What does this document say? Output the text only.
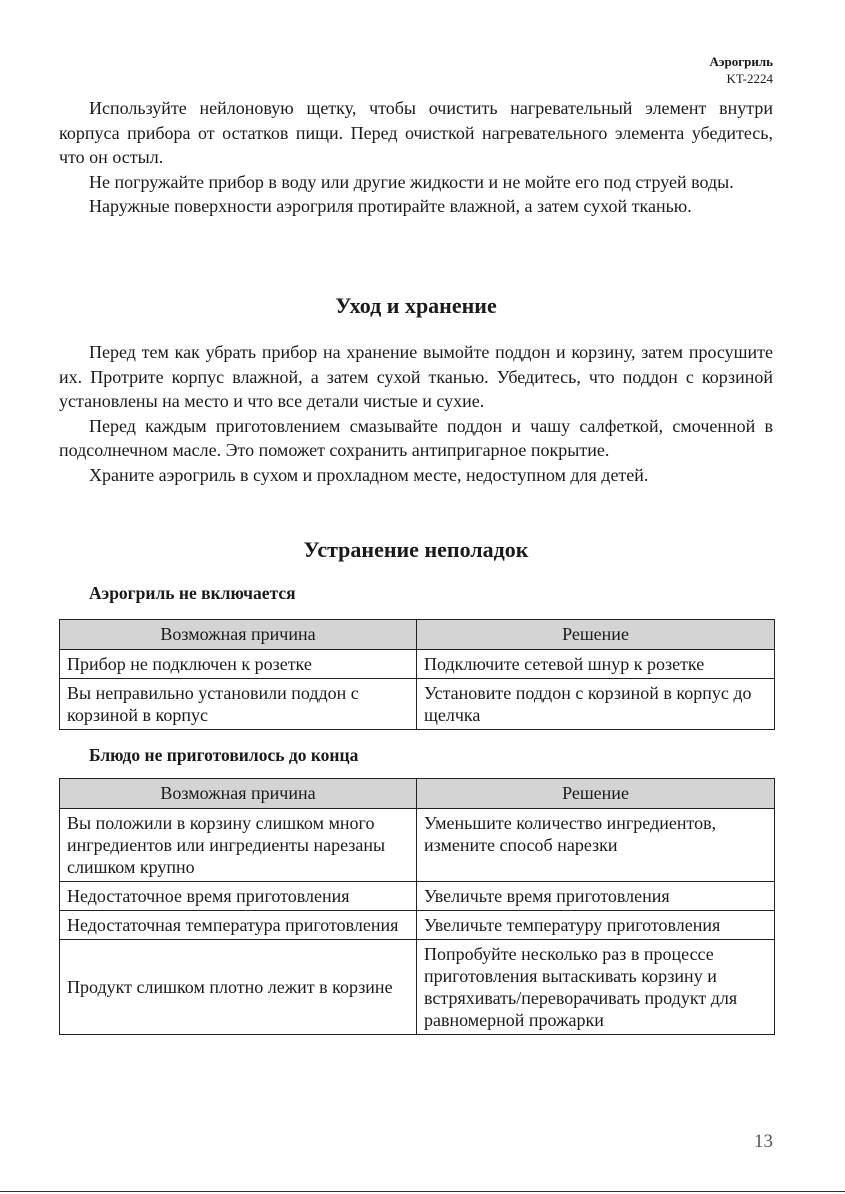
Аэрогриль
KT-2224

Используйте нейлоновую щетку, чтобы очистить нагревательный элемент внутри корпуса прибора от остатков пищи. Перед очисткой нагревательного элемента убедитесь, что он остыл.

Не погружайте прибор в воду или другие жидкости и не мойте его под струей воды.

Наружные поверхности аэрогриля протирайте влажной, а затем сухой тканью.

Уход и хранение

Перед тем как убрать прибор на хранение вымойте поддон и корзину, затем просушите их. Протрите корпус влажной, а затем сухой тканью. Убедитесь, что поддон с корзиной установлены на место и что все детали чистые и сухие.

Перед каждым приготовлением смазывайте поддон и чашу салфеткой, смоченной в подсолнечном масле. Это поможет сохранить антипригарное покрытие.

Храните аэрогриль в сухом и прохладном месте, недоступном для детей.

Устранение неполадок
Аэрогриль не включается
Возможная причина	Решение
Прибор не подключен к розетке	Подключите сетевой шнур к розетке
Вы неправильно установили поддон с корзиной в корпус	Установите поддон с корзиной в корпус до щелчка
Блюдо не приготовилось до конца
Возможная причина	Решение
Вы положили в корзину слишком много ингредиентов или ингредиенты нарезаны слишком крупно	Уменьшите количество ингредиентов, измените способ нарезки
Недостаточное время приготовления	Увеличьте время приготовления
Недостаточная температура приготовления	Увеличьте температуру приготовления
Продукт слишком плотно лежит в корзине	Попробуйте несколько раз в процессе приготовления вытаскивать корзину и встряхивать/переворачивать продукт для равномерной прожарки
13
